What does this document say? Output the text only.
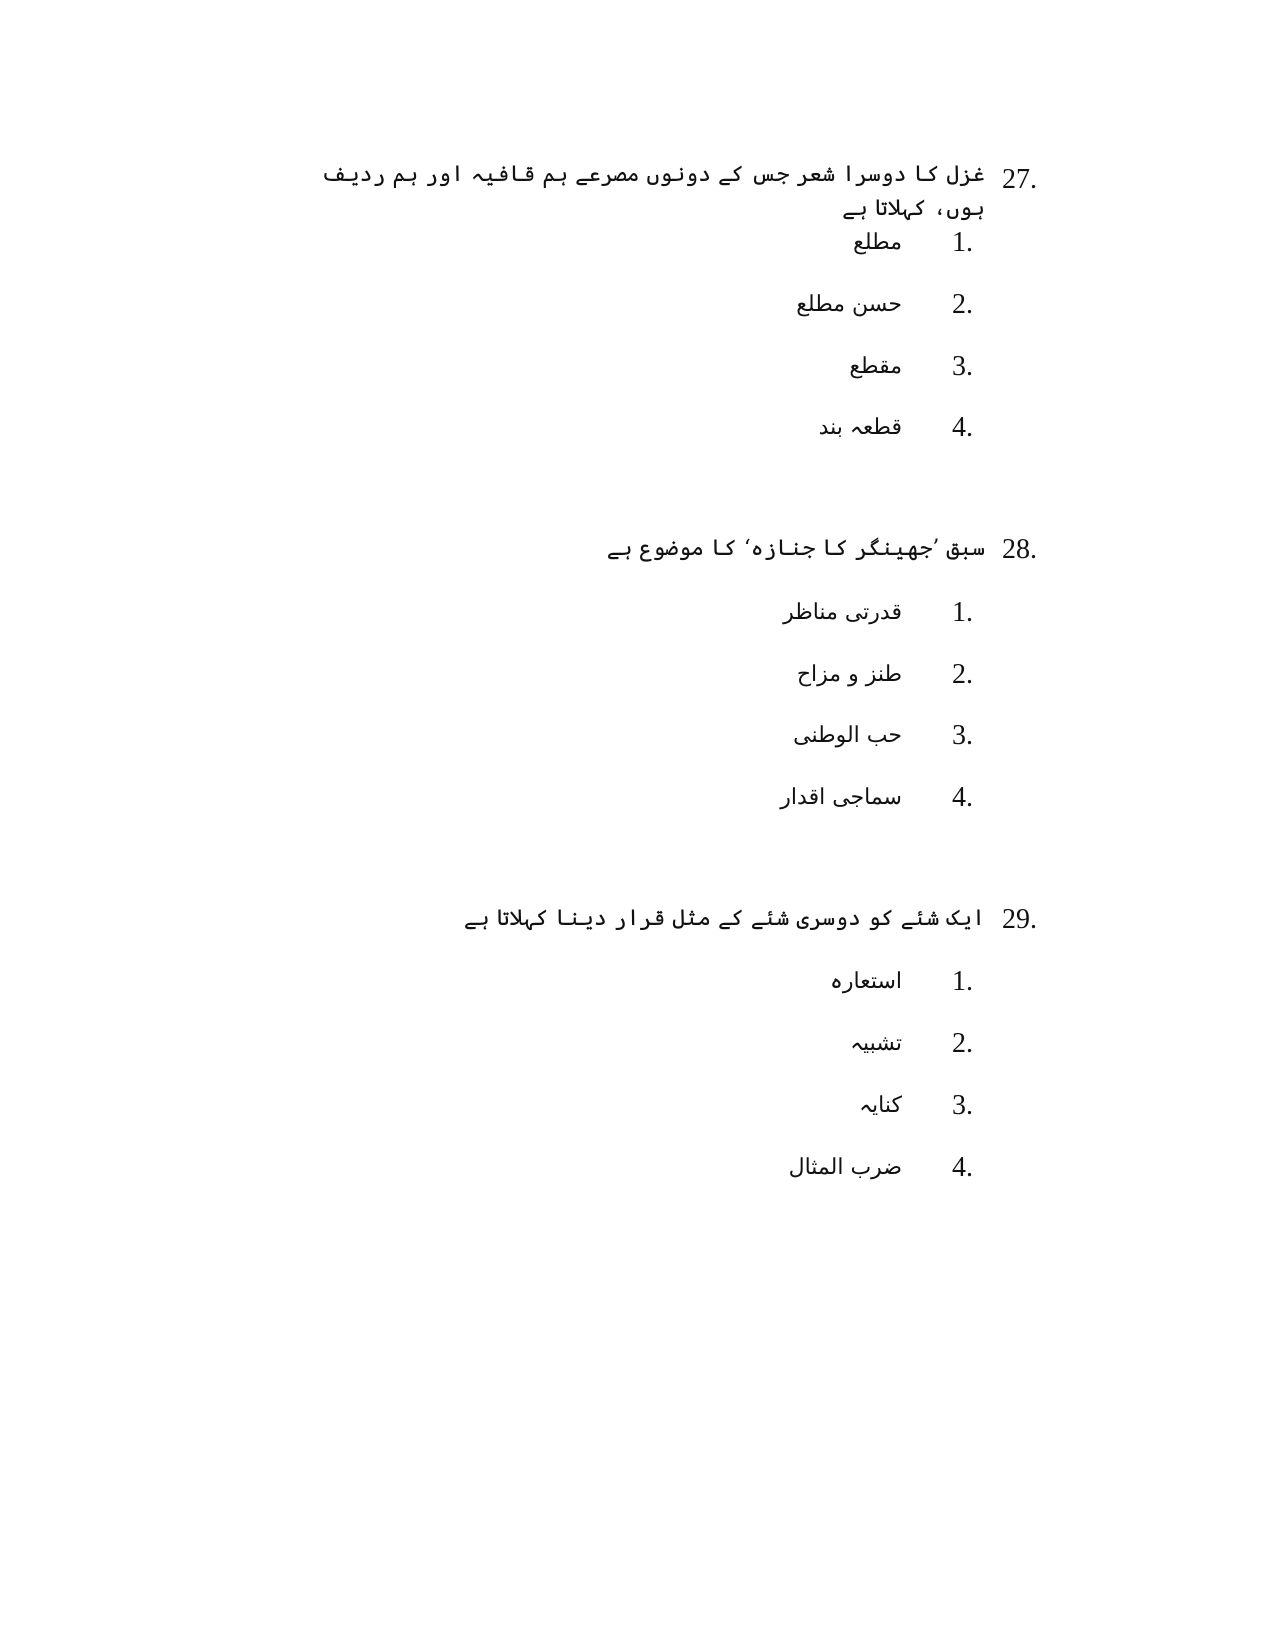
27.
غزل کا دوسرا شعر جس کے دونوں مصرعے ہم قافیہ اور ہم ردیف ہوں، کہلاتا ہے
1.
مطلع
2.
حسن مطلع
3.
مقطع
4.
قطعہ بند
28.
سبق ’جھینگر کا جنازہ‘ کا موضوع ہے
1.
قدرتی مناظر
2.
طنز و مزاح
3.
حب الوطنی
4.
سماجی اقدار
29.
ایک شئے کو دوسری شئے کے مثل قرار دینا کہلاتا ہے
1.
استعارہ
2.
تشبیہ
3.
کنایہ
4.
ضرب المثال
